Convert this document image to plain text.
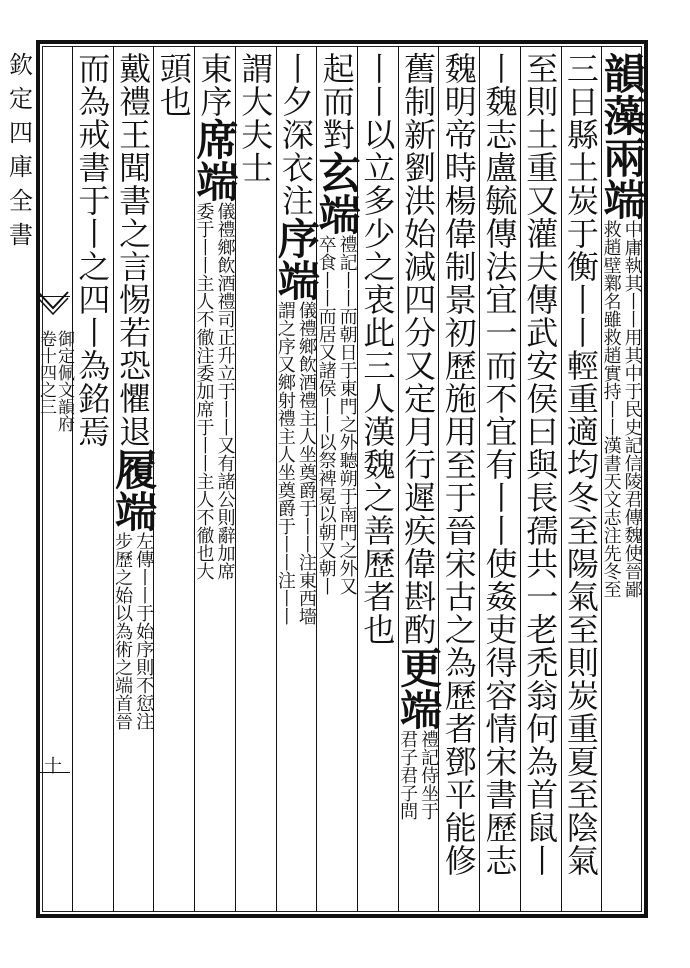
欽定四庫全書
御定佩文韻府
卷十四之三
十
韻藻
兩端
中庸執其丨丨用其中于民史記信陵君傳魏使晉鄙
救趙壁鄴名雖救趙實持丨丨漢書天文志注先冬至
三日縣土炭于衡丨丨輕重適均冬至陽氣至則炭重夏至陰氣
至則土重又灌夫傳武安侯曰與長孺共一老禿翁何為首鼠丨
丨魏志盧毓傳法宜一而不宜有丨丨使姦吏得容情宋書歷志
魏明帝時楊偉制景初歷施用至于晉宋古之為歷者鄧平能修
舊制新劉洪始減四分又定月行遲疾偉斟酌
更端
禮記侍坐于
君子君子問
丨丨以立多少之衷此三人漢魏之善歷者也
起而對
玄端
禮記丨丨而朝日于東門之外聽朔于南門之外又
卒食丨丨而居又諸侯丨丨以祭裨冕以朝又朝丨
丨夕深衣注
序端
儀禮鄉飲酒禮主人坐奠爵于丨丨注東西墻
謂之序又鄉射禮主人坐奠爵于丨丨注丨丨
謂大夫士
東序
席端
儀禮鄉飲酒禮司正升立于丨丨又有諸公則辭加席
委于丨丨主人不徹注委加席于丨丨主人不徹也大
頭也
戴禮王聞書之言惕若恐懼退
履端
左傳丨丨于始序則不愆注
步歷之始以為術之端首晉
而為戒書于丨之四丨為銘焉
